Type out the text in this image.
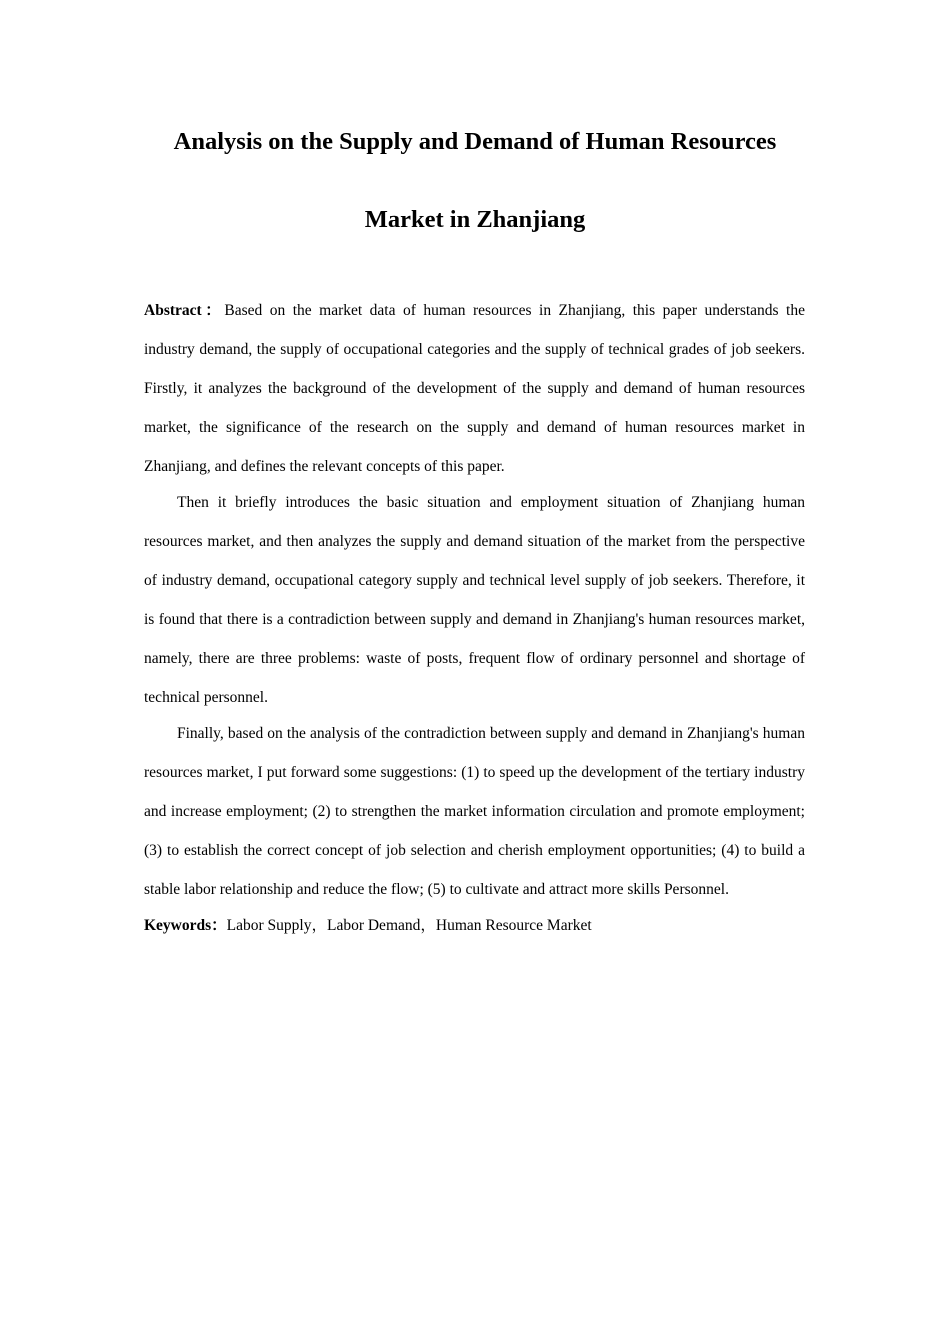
Analysis on the Supply and Demand of Human Resources
Market in Zhanjiang

Abstract：Based on the market data of human resources in Zhanjiang, this paper understands the industry demand, the supply of occupational categories and the supply of technical grades of job seekers. Firstly, it analyzes the background of the development of the supply and demand of human resources market, the significance of the research on the supply and demand of human resources market in Zhanjiang, and defines the relevant concepts of this paper.

Then it briefly introduces the basic situation and employment situation of Zhanjiang human resources market, and then analyzes the supply and demand situation of the market from the perspective of industry demand, occupational category supply and technical level supply of job seekers. Therefore, it is found that there is a contradiction between supply and demand in Zhanjiang's human resources market, namely, there are three problems: waste of posts, frequent flow of ordinary personnel and shortage of technical personnel.

Finally, based on the analysis of the contradiction between supply and demand in Zhanjiang's human resources market, I put forward some suggestions: (1) to speed up the development of the tertiary industry and increase employment; (2) to strengthen the market information circulation and promote employment; (3) to establish the correct concept of job selection and cherish employment opportunities; (4) to build a stable labor relationship and reduce the flow; (5) to cultivate and attract more skills Personnel.

Keywords：Labor Supply，Labor Demand，Human Resource Market
